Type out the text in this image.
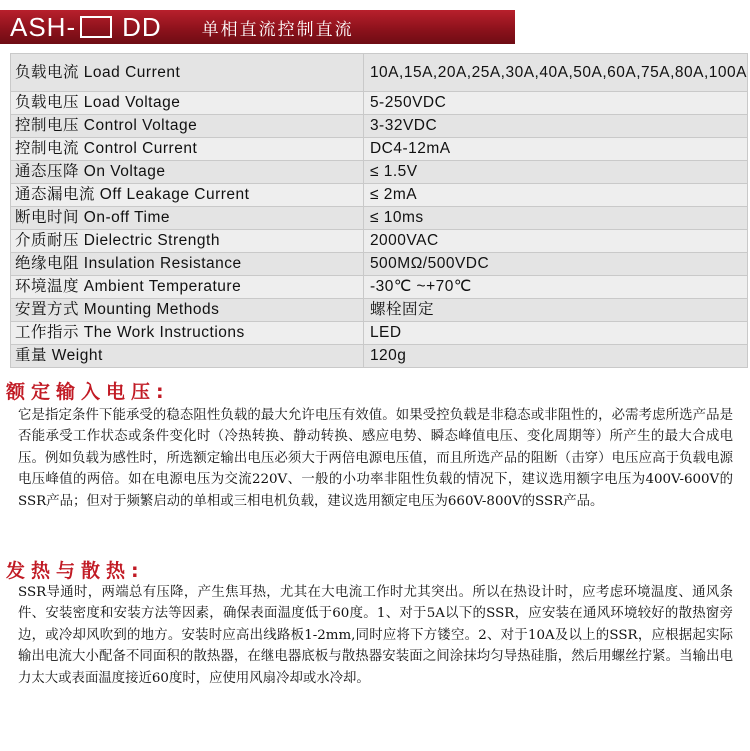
ASH- DD 单相直流控制直流
负载电流 Load Current	10A,15A,20A,25A,30A,40A,50A,60A,75A,80A,100A
负载电压 Load Voltage	5-250VDC
控制电压 Control Voltage	3-32VDC
控制电流 Control Current	DC4-12mA
通态压降 On Voltage	≤ 1.5V
通态漏电流 Off Leakage Current	≤ 2mA
断电时间 On-off Time	≤ 10ms
介质耐压 Dielectric Strength	2000VAC
绝缘电阻 Insulation Resistance	500MΩ/500VDC
环境温度 Ambient Temperature	-30℃ ~+70℃
安置方式 Mounting Methods	螺栓固定
工作指示 The Work Instructions	LED
重量 Weight	120g
额定输入电压:
它是指定条件下能承受的稳态阻性负载的最大允许电压有效值。如果受控负载是非稳态或非阻性的，必需考虑所选产品是否能承受工作状态或条件变化时（冷热转换、静动转换、感应电势、瞬态峰值电压、变化周期等）所产生的最大合成电压。例如负载为感性时，所选额定输出电压必须大于两倍电源电压值，而且所选产品的阻断（击穿）电压应高于负载电源电压峰值的两倍。如在电源电压为交流220V、一般的小功率非阻性负载的情况下，建议选用额字电压为400V-600V的SSR产品；但对于频繁启动的单相或三相电机负载，建议选用额定电压为660V-800V的SSR产品。
发热与散热:
SSR导通时，两端总有压降，产生焦耳热，尤其在大电流工作时尤其突出。所以在热设计时，应考虑环境温度、通风条件、安装密度和安装方法等因素，确保表面温度低于60度。1、对于5A以下的SSR，应安装在通风环境较好的散热窗旁边，或冷却风吹到的地方。安装时应高出线路板1-2mm,同时应将下方镂空。2、对于10A及以上的SSR，应根据起实际输出电流大小配备不同面积的散热器，在继电器底板与散热器安装面之间涂抹均匀导热硅脂，然后用螺丝拧紧。当输出电力太大或表面温度接近60度时，应使用风扇冷却或水冷却。
